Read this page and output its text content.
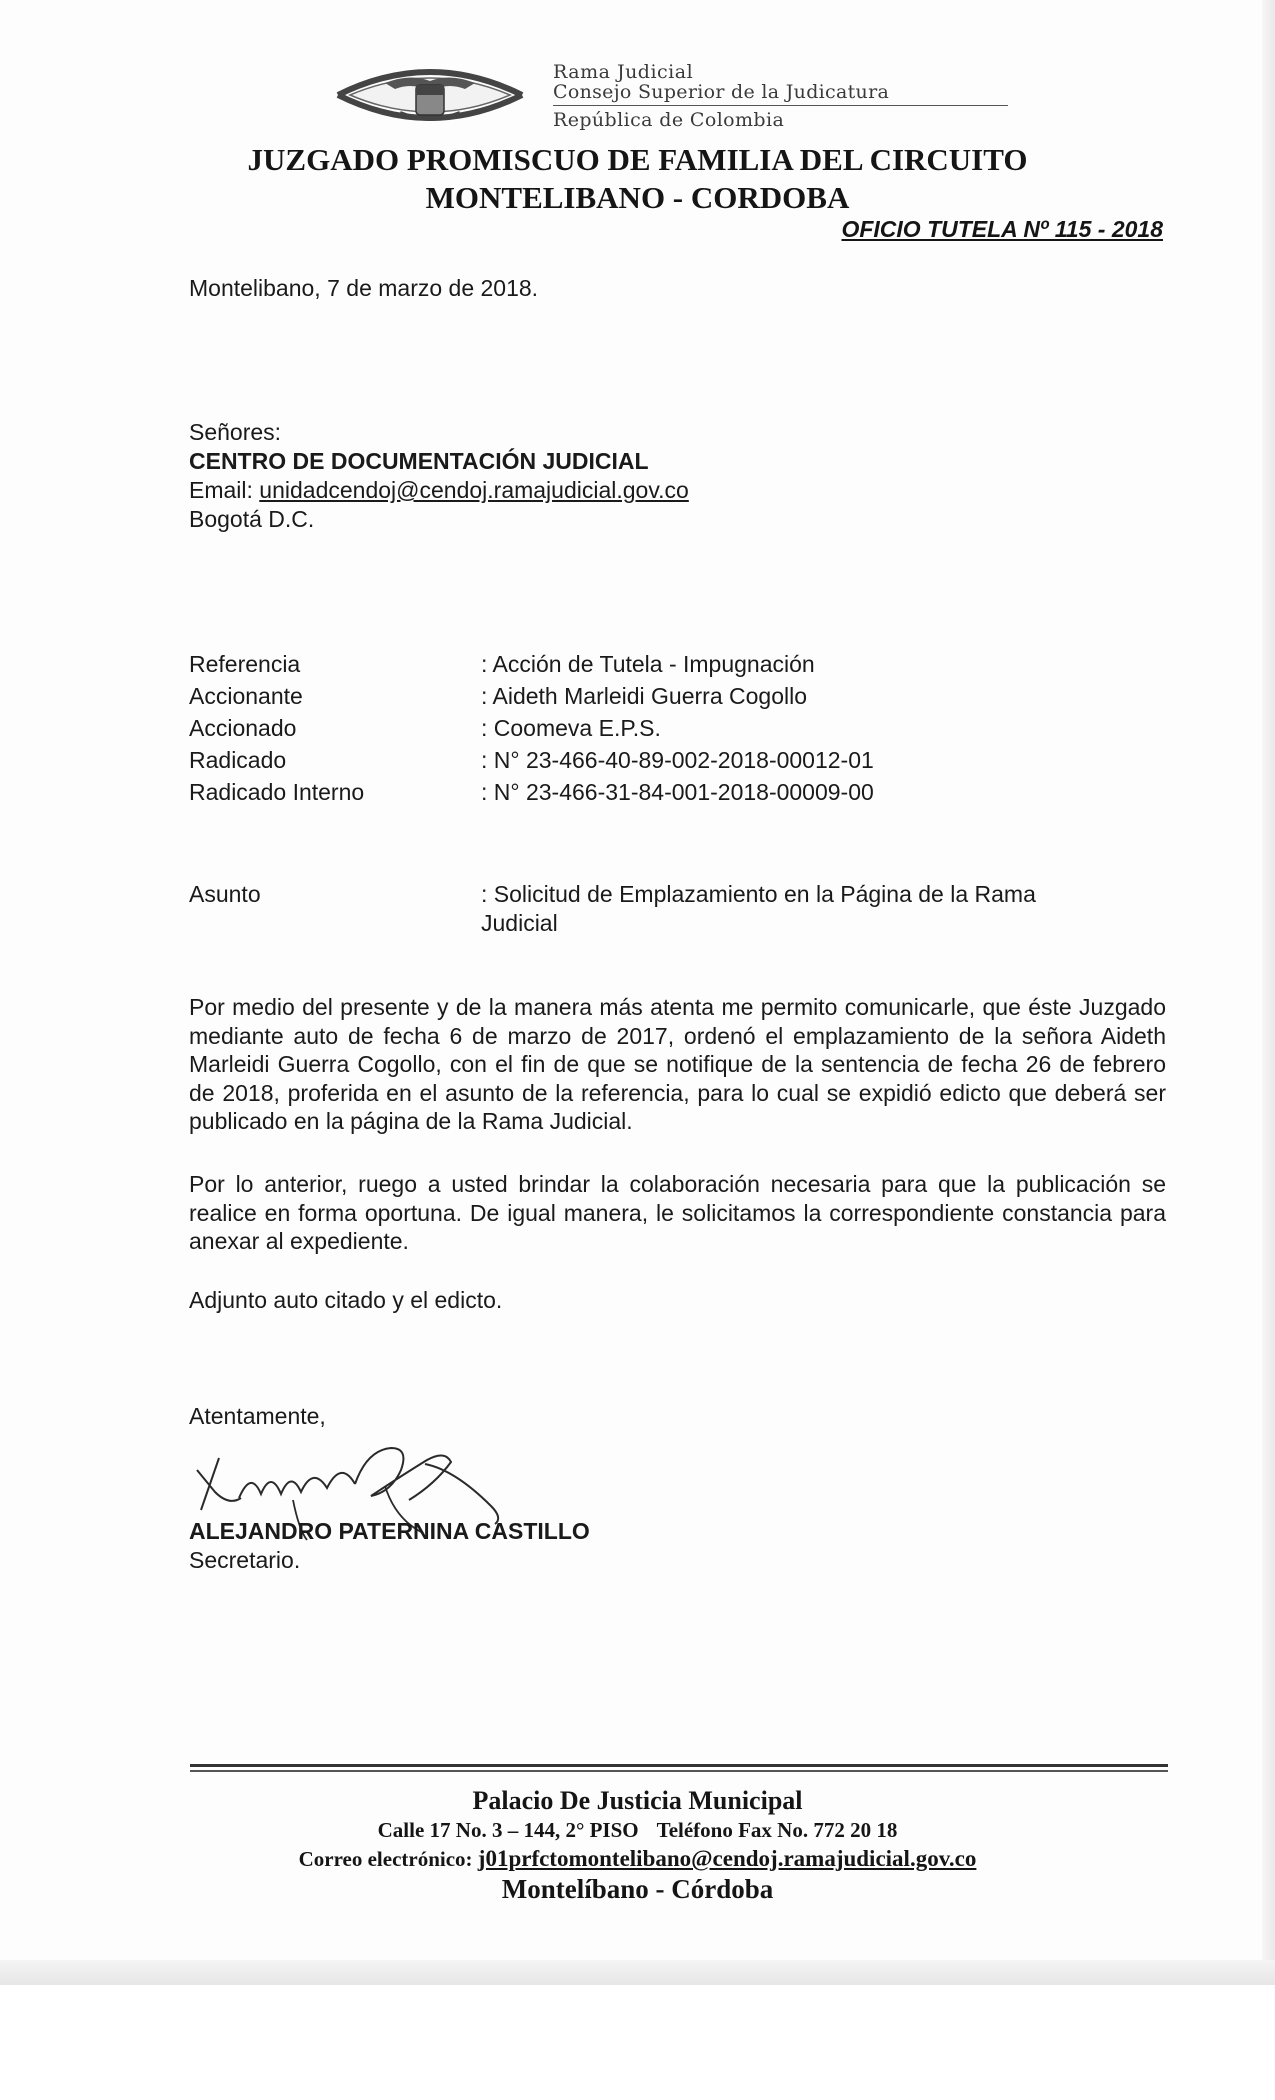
Rama Judicial
Consejo Superior de la Judicatura
República de Colombia
JUZGADO PROMISCUO DE FAMILIA DEL CIRCUITO
MONTELIBANO - CORDOBA
OFICIO TUTELA Nº 115 - 2018
Montelibano, 7 de marzo de 2018.
Señores:
CENTRO DE DOCUMENTACIÓN JUDICIAL
Email: unidadcendoj@cendoj.ramajudicial.gov.co
Bogotá D.C.
Referencia	: Acción de Tutela - Impugnación
Accionante	: Aideth Marleidi Guerra Cogollo
Accionado	: Coomeva E.P.S.
Radicado	: N° 23-466-40-89-002-2018-00012-01
Radicado Interno	: N° 23-466-31-84-001-2018-00009-00
Asunto	: Solicitud de Emplazamiento en la Página de la Rama Judicial

Por medio del presente y de la manera más atenta me permito comunicarle, que éste Juzgado mediante auto de fecha 6 de marzo de 2017, ordenó el emplazamiento de la señora Aideth Marleidi Guerra Cogollo, con el fin de que se notifique de la sentencia de fecha 26 de febrero de 2018, proferida en el asunto de la referencia, para lo cual se expidió edicto que deberá ser publicado en la página de la Rama Judicial.

Por lo anterior, ruego a usted brindar la colaboración necesaria para que la publicación se realice en forma oportuna. De igual manera, le solicitamos la correspondiente constancia para anexar al expediente.

Adjunto auto citado y el edicto.

Atentamente,
ALEJANDRO PATERNINA CASTILLO
Secretario.
Palacio De Justicia Municipal
Calle 17 No. 3 – 144, 2° PISO Teléfono Fax No. 772 20 18
Correo electrónico: j01prfctomontelibano@cendoj.ramajudicial.gov.co
Montelíbano - Córdoba
